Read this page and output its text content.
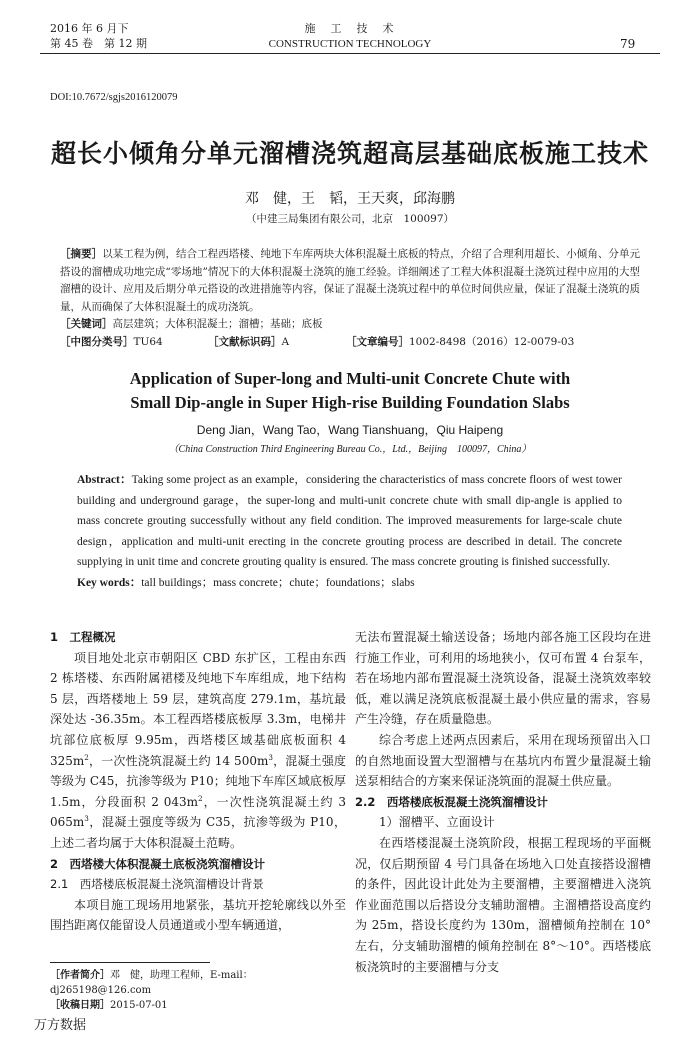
2016 年 6 月下
第 45 卷　第 12 期
施　工　技　术
CONSTRUCTION TECHNOLOGY	79
DOI:10.7672/sgjs2016120079
超长小倾角分单元溜槽浇筑超高层基础底板施工技术
邓　健，王　韬，王天爽，邱海鹏
（中建三局集团有限公司，北京　100097）

［摘要］以某工程为例，结合工程西塔楼、纯地下车库两块大体积混凝土底板的特点，介绍了合理利用超长、小倾角、分单元搭设的溜槽成功地完成“零场地”情况下的大体积混凝土浇筑的施工经验。详细阐述了工程大体积混凝土浇筑过程中应用的大型溜槽的设计、应用及后期分单元搭设的改进措施等内容，保证了混凝土浇筑过程中的单位时间供应量，保证了混凝土浇筑的质量，从而确保了大体积混凝土的成功浇筑。

［关键词］高层建筑；大体积混凝土；溜槽；基础；底板

［中图分类号］TU64	［文献标识码］A	［文章编号］1002-8498（2016）12-0079-03

Application of Super-long and Multi-unit Concrete Chute with
Small Dip-angle in Super High-rise Building Foundation Slabs
Deng Jian，Wang Tao，Wang Tianshuang，Qiu Haipeng
（China Construction Third Engineering Bureau Co.，Ltd.，Beijing　100097，China）

Abstract：Taking some project as an example，considering the characteristics of mass concrete floors of west tower building and underground garage，the super-long and multi-unit concrete chute with small dip-angle is applied to mass concrete grouting successfully without any field condition. The improved measurements for large-scale chute design，application and multi-unit erecting in the concrete grouting process are described in detail. The concrete supplying in unit time and concrete grouting quality is ensured. The mass concrete grouting is finished successfully.

Key words：tall buildings；mass concrete；chute；foundations；slabs

1　工程概况

项目地处北京市朝阳区 CBD 东扩区，工程由东西 2 栋塔楼、东西附属裙楼及纯地下车库组成，地下结构 5 层，西塔楼地上 59 层，建筑高度 279.1m，基坑最深处达 -36.35m。本工程西塔楼底板厚 3.3m，电梯井坑部位底板厚 9.95m，西塔楼区域基础底板面积 4 $325m^2$，一次性浇筑混凝土约 14 $500m^3$，混凝土强度等级为 C45，抗渗等级为 P10；纯地下车库区域底板厚 1.5m，分段面积 2 $043m^2$，一次性浇筑混凝土约 3 $065m^3$，混凝土强度等级为 C35，抗渗等级为 P10，上述二者均属于大体积混凝土范畴。

2　西塔楼大体积混凝土底板浇筑溜槽设计

2.1　西塔楼底板混凝土浇筑溜槽设计背景

本项目施工现场用地紧张，基坑开挖轮廓线以外至围挡距离仅能留设人员通道或小型车辆通道，

［作者简介］邓　健，助理工程师，E-mail：dj265198@126.com
［收稿日期］2015-07-01

无法布置混凝土输送设备；场地内部各施工区段均在进行施工作业，可利用的场地狭小，仅可布置 4 台泵车，若在场地内部布置混凝土浇筑设备，混凝土浇筑效率较低，难以满足浇筑底板混凝土最小供应量的需求，容易产生冷缝，存在质量隐患。

综合考虑上述两点因素后，采用在现场预留出入口的自然地面设置大型溜槽与在基坑内布置少量混凝土输送泵相结合的方案来保证浇筑面的混凝土供应量。

2.2　西塔楼底板混凝土浇筑溜槽设计

1）溜槽平、立面设计

在西塔楼混凝土浇筑阶段，根据工程现场的平面概况，仅后期预留 4 号门具备在场地入口处直接搭设溜槽的条件，因此设计此处为主要溜槽，主要溜槽进入浇筑作业面范围以后搭设分支辅助溜槽。主溜槽搭设高度约为 25m，搭设长度约为 130m，溜槽倾角控制在 10°左右，分支辅助溜槽的倾角控制在 8°～10°。西塔楼底板浇筑时的主要溜槽与分支

万方数据
